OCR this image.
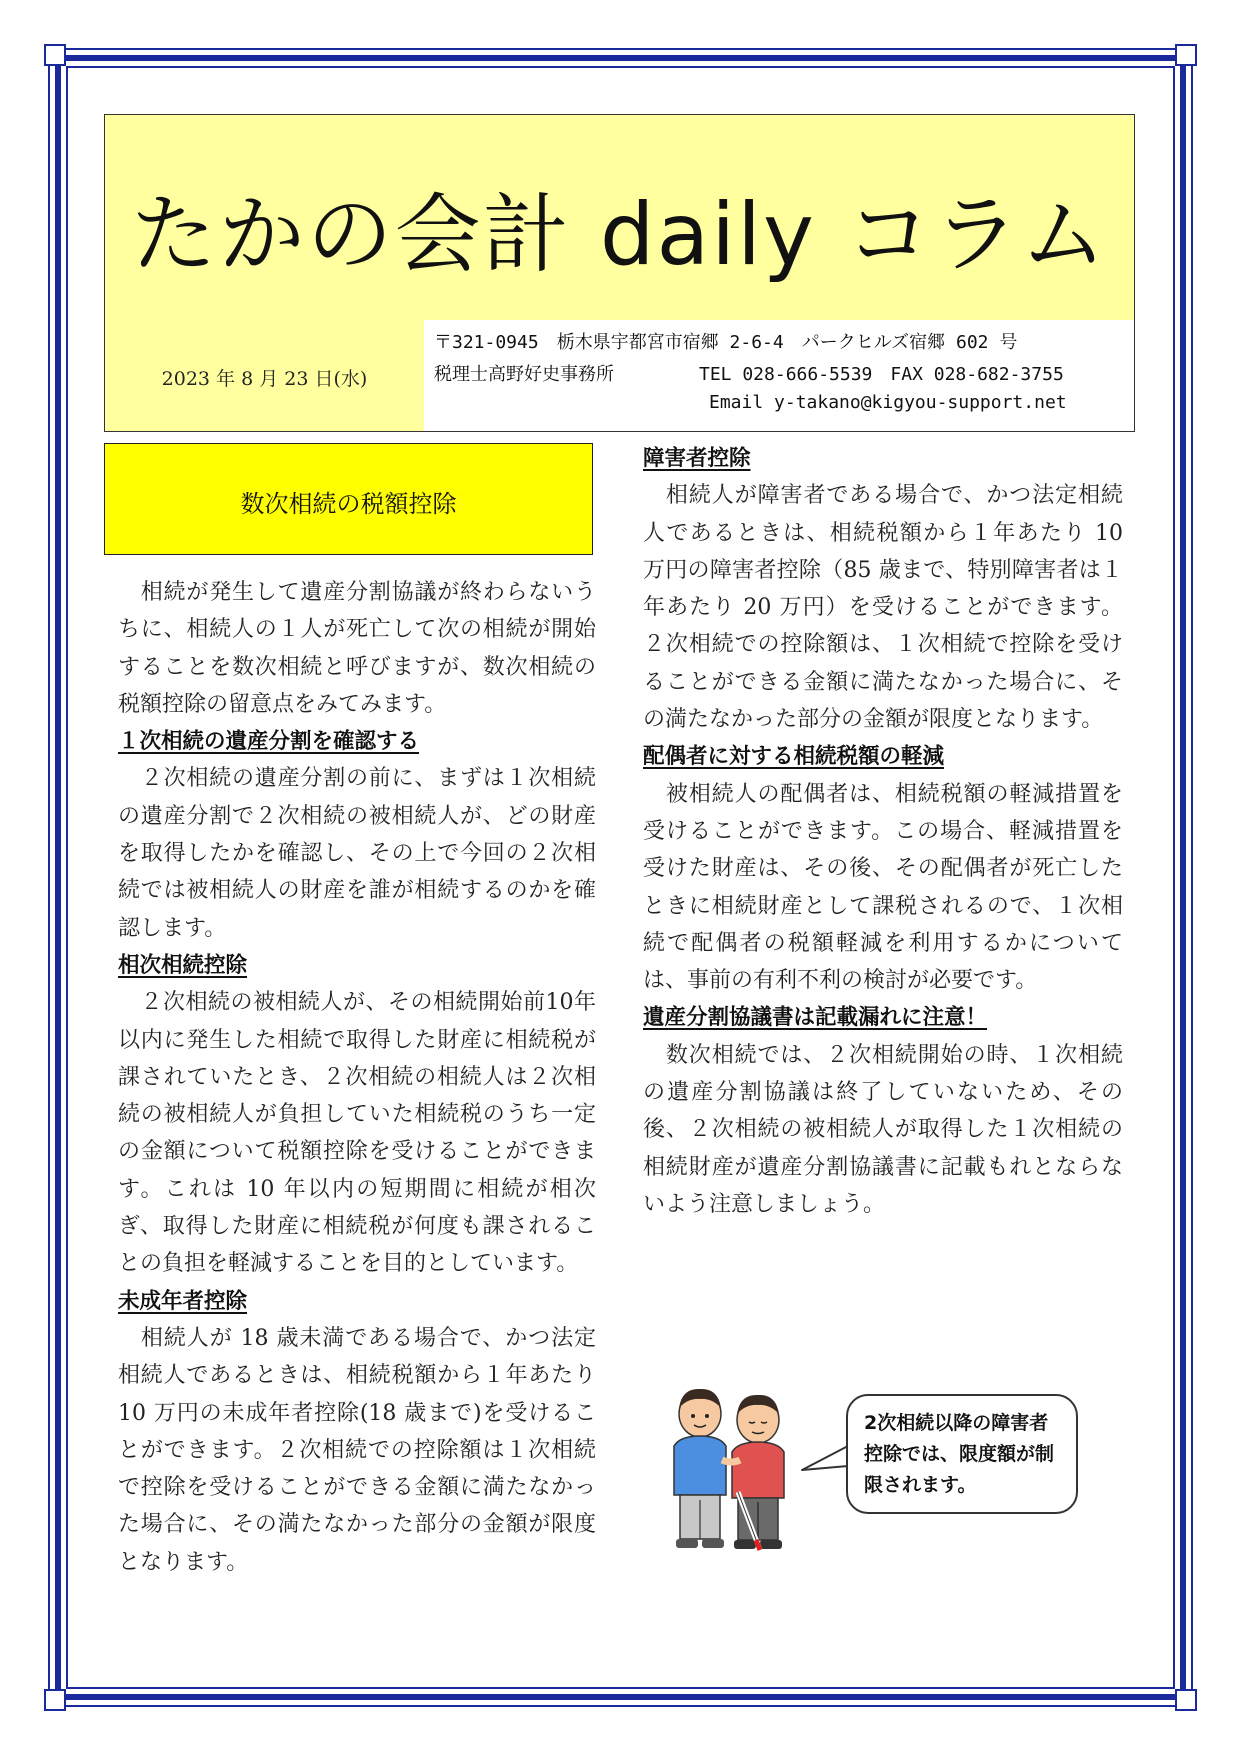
たかの会計 daily コラム
2023 年 8 月 23 日(水)
〒321-0945　栃木県宇都宮市宿郷 2-6-4　パークヒルズ宿郷 602 号
税理士高野好史事務所	TEL 028-666-5539　FAX 028-682-3755
Email y-takano@kigyou-support.net
数次相続の税額控除

　相続が発生して遺産分割協議が終わらないうちに、相続人の１人が死亡して次の相続が開始することを数次相続と呼びますが、数次相続の税額控除の留意点をみてみます。

１次相続の遺産分割を確認する

　２次相続の遺産分割の前に、まずは１次相続の遺産分割で２次相続の被相続人が、どの財産を取得したかを確認し、その上で今回の２次相続では被相続人の財産を誰が相続するのかを確認します。

相次相続控除

　２次相続の被相続人が、その相続開始前10年以内に発生した相続で取得した財産に相続税が課されていたとき、２次相続の相続人は２次相続の被相続人が負担していた相続税のうち一定の金額について税額控除を受けることができます。これは 10 年以内の短期間に相続が相次ぎ、取得した財産に相続税が何度も課されることの負担を軽減することを目的としています。

未成年者控除

　相続人が 18 歳未満である場合で、かつ法定相続人であるときは、相続税額から１年あたり 10 万円の未成年者控除(18 歳まで)を受けることができます。２次相続での控除額は１次相続で控除を受けることができる金額に満たなかった場合に、その満たなかった部分の金額が限度となります。

障害者控除

　相続人が障害者である場合で、かつ法定相続人であるときは、相続税額から１年あたり 10 万円の障害者控除（85 歳まで、特別障害者は１年あたり 20 万円）を受けることができます。２次相続での控除額は、１次相続で控除を受けることができる金額に満たなかった場合に、その満たなかった部分の金額が限度となります。

配偶者に対する相続税額の軽減

　被相続人の配偶者は、相続税額の軽減措置を受けることができます。この場合、軽減措置を受けた財産は、その後、その配偶者が死亡したときに相続財産として課税されるので、１次相続で配偶者の税額軽減を利用するかについては、事前の有利不利の検討が必要です。

遺産分割協議書は記載漏れに注意！

　数次相続では、２次相続開始の時、１次相続の遺産分割協議は終了していないため、その後、２次相続の被相続人が取得した１次相続の相続財産が遺産分割協議書に記載もれとならないよう注意しましょう。

2次相続以降の障害者控除では、限度額が制限されます。
